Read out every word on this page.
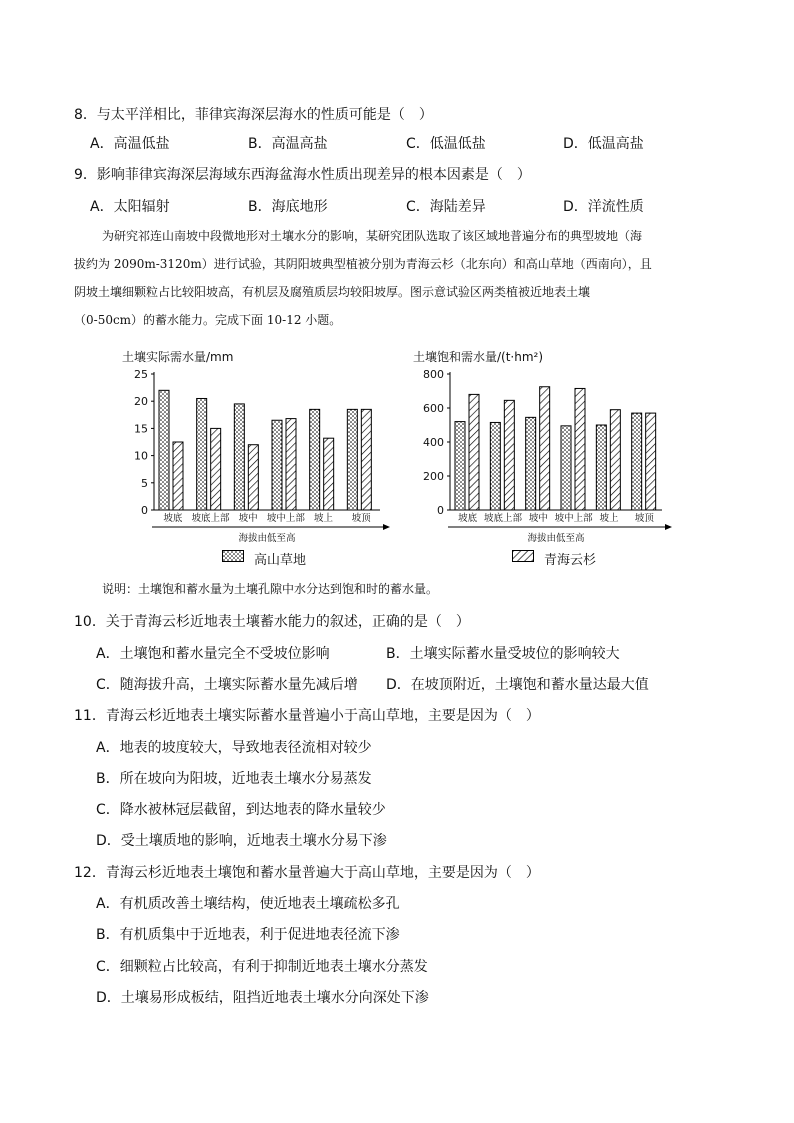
8．与太平洋相比，菲律宾海深层海水的性质可能是（　）
A．高温低盐	B．高温高盐	C．低温低盐	D．低温高盐
9．影响菲律宾海深层海域东西海盆海水性质出现差异的根本因素是（　）
A．太阳辐射	B．海底地形	C．海陆差异	D．洋流性质

为研究祁连山南坡中段微地形对土壤水分的影响，某研究团队选取了该区域地普遍分布的典型坡地（海

拔约为 2090m-3120m）进行试验，其阴阳坡典型植被分别为青海云杉（北东向）和高山草地（西南向），且

阴坡土壤细颗粒占比较阳坡高，有机层及腐殖质层均较阳坡厚。图示意试验区两类植被近地表土壤

（0-50cm）的蓄水能力。完成下面 10-12 小题。

土壤实际需水量/mm
0
5
10
15
20
25
坡底 坡底上部 坡中 坡中上部 坡上 坡顶
海拔由低至高
土壤饱和需水量/(t·hm²)
0
200
400
600
800
坡底 坡底上部 坡中 坡中上部 坡上 坡顶
海拔由低至高
高山草地	青海云杉
说明：土壤饱和蓄水量为土壤孔隙中水分达到饱和时的蓄水量。
10．关于青海云杉近地表土壤蓄水能力的叙述，正确的是（　）
A．土壤饱和蓄水量完全不受坡位影响	B．土壤实际蓄水量受坡位的影响较大
C．随海拔升高，土壤实际蓄水量先减后增 D．在坡顶附近，土壤饱和蓄水量达最大值
11．青海云杉近地表土壤实际蓄水量普遍小于高山草地，主要是因为（　）
A．地表的坡度较大，导致地表径流相对较少
B．所在坡向为阳坡，近地表土壤水分易蒸发
C．降水被林冠层截留，到达地表的降水量较少
D．受土壤质地的影响，近地表土壤水分易下渗
12．青海云杉近地表土壤饱和蓄水量普遍大于高山草地，主要是因为（　）
A．有机质改善土壤结构，使近地表土壤疏松多孔
B．有机质集中于近地表，利于促进地表径流下渗
C．细颗粒占比较高，有利于抑制近地表土壤水分蒸发
D．土壤易形成板结，阻挡近地表土壤水分向深处下渗
